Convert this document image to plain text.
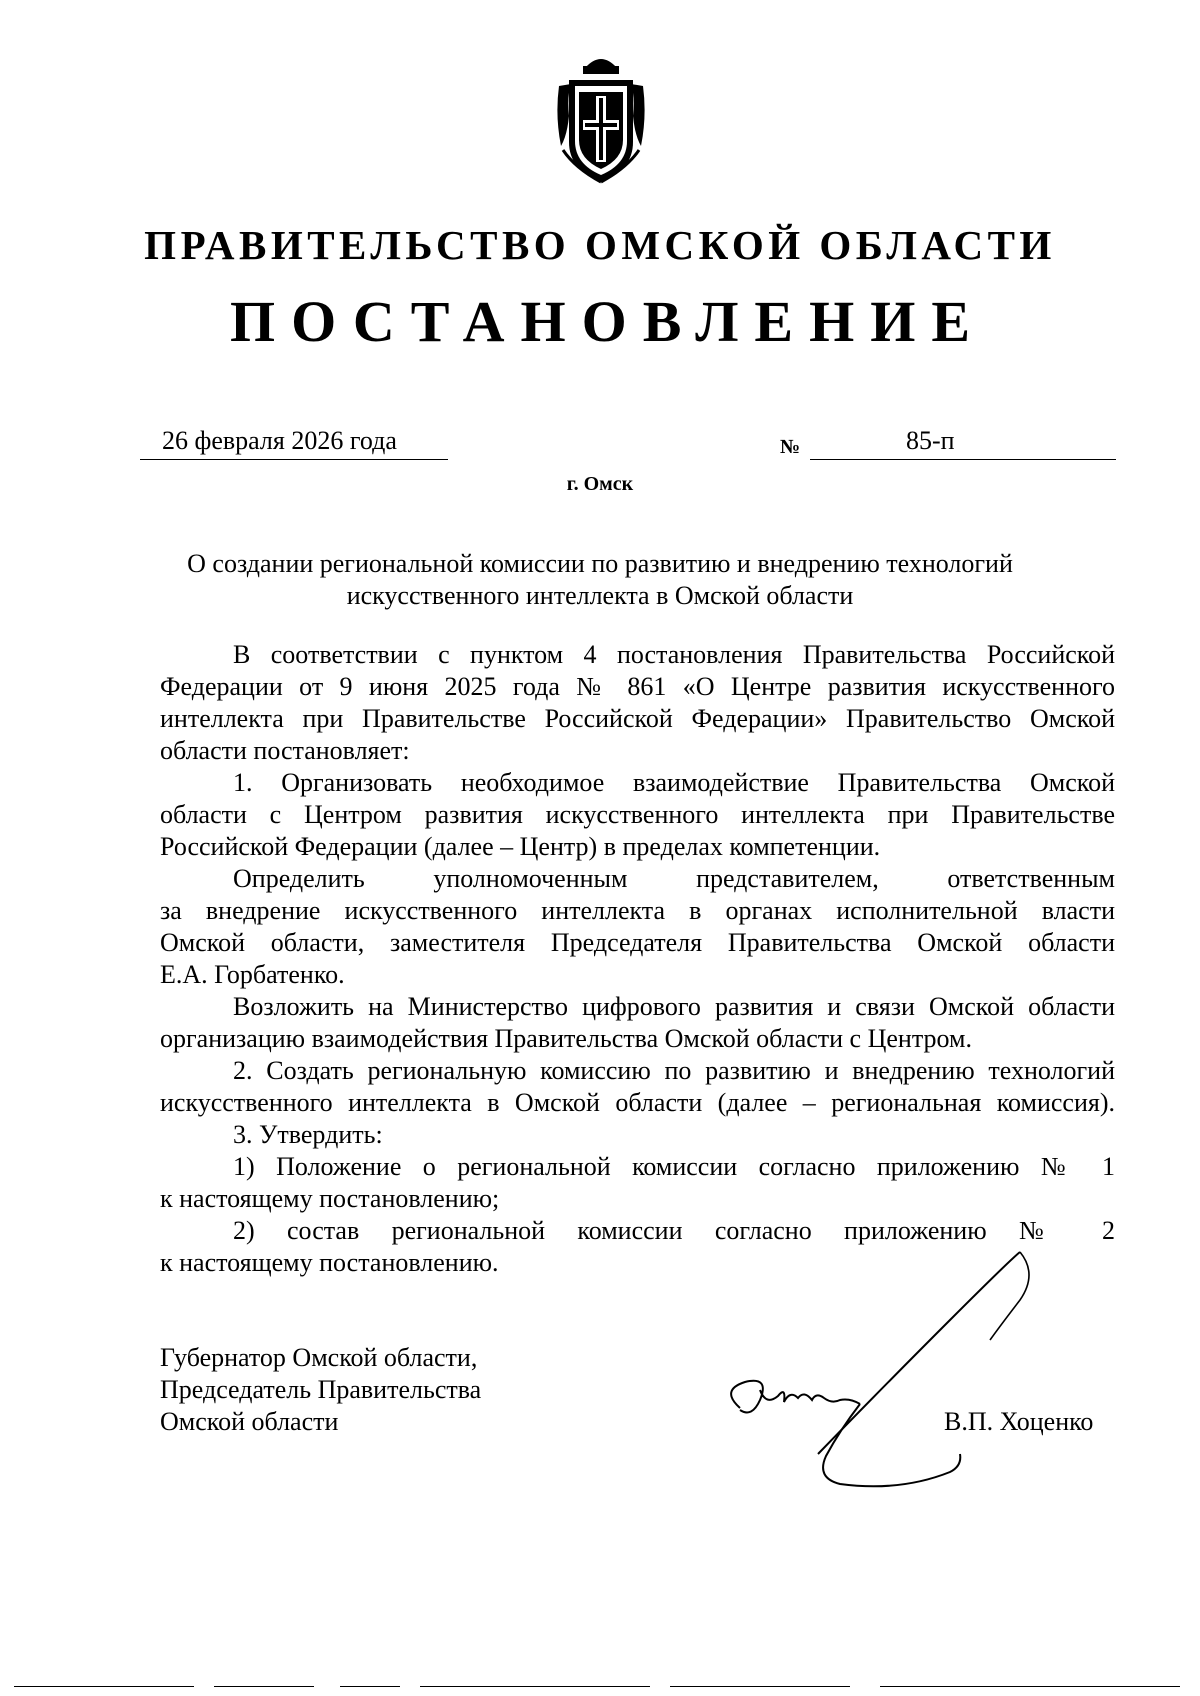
ПРАВИТЕЛЬСТВО ОМСКОЙ ОБЛАСТИ
ПОСТАНОВЛЕНИЕ
26 февраля 2026 года	№	85-п
г. Омск
О создании региональной комиссии по развитию и внедрению технологий
искусственного интеллекта в Омской области
В соответствии с пунктом 4 постановления Правительства Российской
Федерации от 9 июня 2025 года № 861 «О Центре развития искусственного
интеллекта при Правительстве Российской Федерации» Правительство Омской
области постановляет:
1. Организовать необходимое взаимодействие Правительства Омской
области с Центром развития искусственного интеллекта при Правительстве
Российской Федерации (далее – Центр) в пределах компетенции.
Определить уполномоченным представителем, ответственным
за внедрение искусственного интеллекта в органах исполнительной власти
Омской области, заместителя Председателя Правительства Омской области
Е.А. Горбатенко.
Возложить на Министерство цифрового развития и связи Омской области
организацию взаимодействия Правительства Омской области с Центром.
2. Создать региональную комиссию по развитию и внедрению технологий
искусственного интеллекта в Омской области (далее – региональная комиссия).
3. Утвердить:
1) Положение о региональной комиссии согласно приложению № 1
к настоящему постановлению;
2) состав региональной комиссии согласно приложению № 2
к настоящему постановлению.
Губернатор Омской области,
Председатель Правительства
Омской области	В.П. Хоценко
